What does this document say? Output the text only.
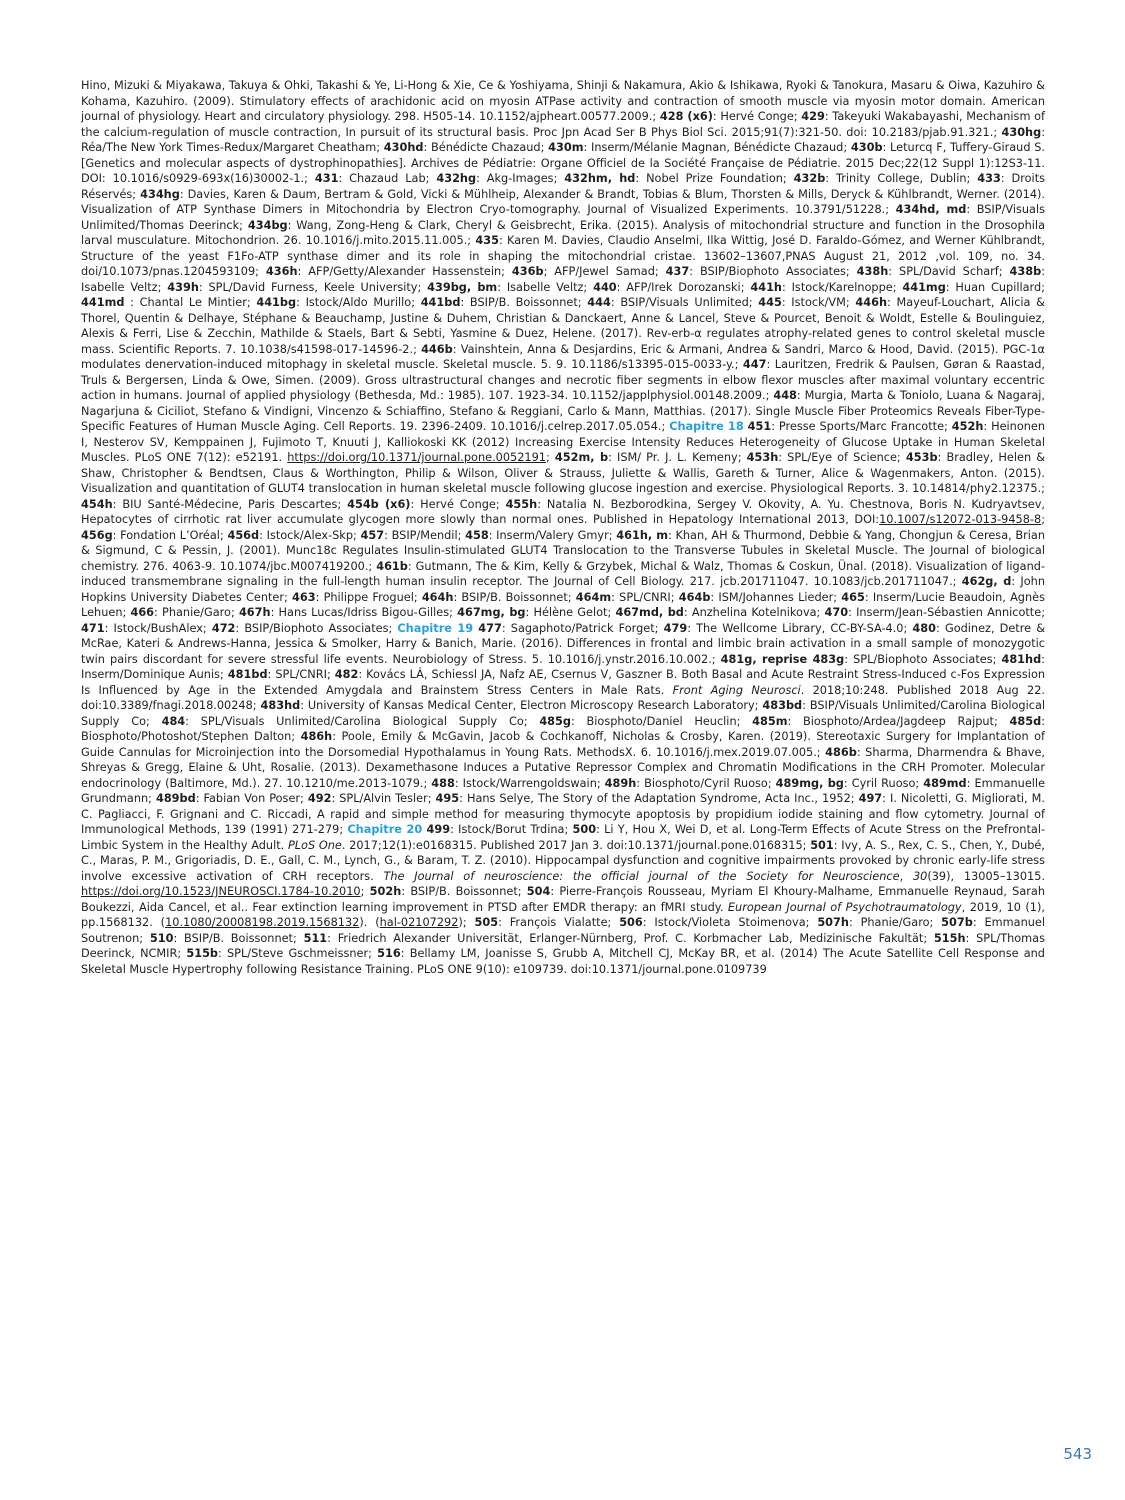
Hino, Mizuki & Miyakawa, Takuya & Ohki, Takashi & Ye, Li-Hong & Xie, Ce & Yoshiyama, Shinji & Nakamura, Akio & Ishikawa, Ryoki & Tanokura, Masaru & Oiwa, Kazuhiro & Kohama, Kazuhiro. (2009). Stimulatory effects of arachidonic acid on myosin ATPase activity and contraction of smooth muscle via myosin motor domain. American journal of physiology. Heart and circulatory physiology. 298. H505-14. 10.1152/ajpheart.00577.2009.; 428 (x6): Hervé Conge; 429: Takeyuki Wakabayashi, Mechanism of the calcium-regulation of muscle contraction, In pursuit of its structural basis. Proc Jpn Acad Ser B Phys Biol Sci. 2015;91(7):321-50. doi: 10.2183/pjab.91.321.; 430hg: Réa/The New York Times-Redux/Margaret Cheatham; 430hd: Bénédicte Chazaud; 430m: Inserm/Mélanie Magnan, Bénédicte Chazaud; 430b: Leturcq F, Tuffery-Giraud S. [Genetics and molecular aspects of dystrophinopathies]. Archives de Pédiatrie: Organe Officiel de la Société Française de Pédiatrie. 2015 Dec;22(12 Suppl 1):12S3-11. DOI: 10.1016/s0929-693x(16)30002-1.; 431: Chazaud Lab; 432hg: Akg-Images; 432hm, hd: Nobel Prize Foundation; 432b: Trinity College, Dublin; 433: Droits Réservés; 434hg: Davies, Karen & Daum, Bertram & Gold, Vicki & Mühlheip, Alexander & Brandt, Tobias & Blum, Thorsten & Mills, Deryck & Kühlbrandt, Werner. (2014). Visualization of ATP Synthase Dimers in Mitochondria by Electron Cryo-tomography. Journal of Visualized Experiments. 10.3791/51228.; 434hd, md: BSIP/Visuals Unlimited/Thomas Deerinck; 434bg: Wang, Zong-Heng & Clark, Cheryl & Geisbrecht, Erika. (2015). Analysis of mitochondrial structure and function in the Drosophila larval musculature. Mitochondrion. 26. 10.1016/j.mito.2015.11.005.; 435: Karen M. Davies, Claudio Anselmi, Ilka Wittig, José D. Faraldo-Gómez, and Werner Kühlbrandt, Structure of the yeast F1Fo-ATP synthase dimer and its role in shaping the mitochondrial cristae. 13602–13607,PNAS August 21, 2012 ,vol. 109, no. 34. doi/10.1073/pnas.1204593109; 436h: AFP/Getty/Alexander Hassenstein; 436b; AFP/Jewel Samad; 437: BSIP/Biophoto Associates; 438h: SPL/David Scharf; 438b: Isabelle Veltz; 439h: SPL/David Furness, Keele University; 439bg, bm: Isabelle Veltz; 440: AFP/Irek Dorozanski; 441h: Istock/Karelnoppe; 441mg: Huan Cupillard; 441md : Chantal Le Mintier; 441bg: Istock/Aldo Murillo; 441bd: BSIP/B. Boissonnet; 444: BSIP/Visuals Unlimited; 445: Istock/VM; 446h: Mayeuf-Louchart, Alicia & Thorel, Quentin & Delhaye, Stéphane & Beauchamp, Justine & Duhem, Christian & Danckaert, Anne & Lancel, Steve & Pourcet, Benoit & Woldt, Estelle & Boulinguiez, Alexis & Ferri, Lise & Zecchin, Mathilde & Staels, Bart & Sebti, Yasmine & Duez, Helene. (2017). Rev-erb-α regulates atrophy-related genes to control skeletal muscle mass. Scientific Reports. 7. 10.1038/s41598-017-14596-2.; 446b: Vainshtein, Anna & Desjardins, Eric & Armani, Andrea & Sandri, Marco & Hood, David. (2015). PGC-1α modulates denervation-induced mitophagy in skeletal muscle. Skeletal muscle. 5. 9. 10.1186/s13395-015-0033-y.; 447: Lauritzen, Fredrik & Paulsen, Gøran & Raastad, Truls & Bergersen, Linda & Owe, Simen. (2009). Gross ultrastructural changes and necrotic fiber segments in elbow flexor muscles after maximal voluntary eccentric action in humans. Journal of applied physiology (Bethesda, Md.: 1985). 107. 1923-34. 10.1152/japplphysiol.00148.2009.; 448: Murgia, Marta & Toniolo, Luana & Nagaraj, Nagarjuna & Ciciliot, Stefano & Vindigni, Vincenzo & Schiaffino, Stefano & Reggiani, Carlo & Mann, Matthias. (2017). Single Muscle Fiber Proteomics Reveals Fiber-Type-Specific Features of Human Muscle Aging. Cell Reports. 19. 2396-2409. 10.1016/j.celrep.2017.05.054.; Chapitre 18 451: Presse Sports/Marc Francotte; 452h: Heinonen I, Nesterov SV, Kemppainen J, Fujimoto T, Knuuti J, Kalliokoski KK (2012) Increasing Exercise Intensity Reduces Heterogeneity of Glucose Uptake in Human Skeletal Muscles. PLoS ONE 7(12): e52191. https://doi.org/10.1371/journal.pone.0052191; 452m, b: ISM/ Pr. J. L. Kemeny; 453h: SPL/Eye of Science; 453b: Bradley, Helen & Shaw, Christopher & Bendtsen, Claus & Worthington, Philip & Wilson, Oliver & Strauss, Juliette & Wallis, Gareth & Turner, Alice & Wagenmakers, Anton. (2015). Visualization and quantitation of GLUT4 translocation in human skeletal muscle following glucose ingestion and exercise. Physiological Reports. 3. 10.14814/phy2.12375.; 454h: BIU Santé-Médecine, Paris Descartes; 454b (x6): Hervé Conge; 455h: Natalia N. Bezborodkina, Sergey V. Okovity, A. Yu. Chestnova, Boris N. Kudryavtsev, Hepatocytes of cirrhotic rat liver accumulate glycogen more slowly than normal ones. Published in Hepatology International 2013, DOI:10.1007/s12072-013-9458-8; 456g: Fondation L’Oréal; 456d: Istock/Alex-Skp; 457: BSIP/Mendil; 458: Inserm/Valery Gmyr; 461h, m: Khan, AH & Thurmond, Debbie & Yang, Chongjun & Ceresa, Brian & Sigmund, C & Pessin, J. (2001). Munc18c Regulates Insulin-stimulated GLUT4 Translocation to the Transverse Tubules in Skeletal Muscle. The Journal of biological chemistry. 276. 4063-9. 10.1074/jbc.M007419200.; 461b: Gutmann, The & Kim, Kelly & Grzybek, Michal & Walz, Thomas & Coskun, Ünal. (2018). Visualization of ligand-induced transmembrane signaling in the full-length human insulin receptor. The Journal of Cell Biology. 217. jcb.201711047. 10.1083/jcb.201711047.; 462g, d: John Hopkins University Diabetes Center; 463: Philippe Froguel; 464h: BSIP/B. Boissonnet; 464m: SPL/CNRI; 464b: ISM/Johannes Lieder; 465: Inserm/Lucie Beaudoin, Agnès Lehuen; 466: Phanie/Garo; 467h: Hans Lucas/Idriss Bigou-Gilles; 467mg, bg: Hélène Gelot; 467md, bd: Anzhelina Kotelnikova; 470: Inserm/Jean-Sébastien Annicotte; 471: Istock/BushAlex; 472: BSIP/Biophoto Associates; Chapitre 19 477: Sagaphoto/Patrick Forget; 479: The Wellcome Library, CC-BY-SA-4.0; 480: Godinez, Detre & McRae, Kateri & Andrews-Hanna, Jessica & Smolker, Harry & Banich, Marie. (2016). Differences in frontal and limbic brain activation in a small sample of monozygotic twin pairs discordant for severe stressful life events. Neurobiology of Stress. 5. 10.1016/j.ynstr.2016.10.002.; 481g, reprise 483g: SPL/Biophoto Associates; 481hd: Inserm/Dominique Aunis; 481bd: SPL/CNRI; 482: Kovács LÁ, Schiessl JA, Nafz AE, Csernus V, Gaszner B. Both Basal and Acute Restraint Stress-Induced c-Fos Expression Is Influenced by Age in the Extended Amygdala and Brainstem Stress Centers in Male Rats. Front Aging Neurosci. 2018;10:248. Published 2018 Aug 22. doi:10.3389/fnagi.2018.00248; 483hd: University of Kansas Medical Center, Electron Microscopy Research Laboratory; 483bd: BSIP/Visuals Unlimited/Carolina Biological Supply Co; 484: SPL/Visuals Unlimited/Carolina Biological Supply Co; 485g: Biosphoto/Daniel Heuclin; 485m: Biosphoto/Ardea/Jagdeep Rajput; 485d: Biosphoto/Photoshot/Stephen Dalton; 486h: Poole, Emily & McGavin, Jacob & Cochkanoff, Nicholas & Crosby, Karen. (2019). Stereotaxic Surgery for Implantation of Guide Cannulas for Microinjection into the Dorsomedial Hypothalamus in Young Rats. MethodsX. 6. 10.1016/j.mex.2019.07.005.; 486b: Sharma, Dharmendra & Bhave, Shreyas & Gregg, Elaine & Uht, Rosalie. (2013). Dexamethasone Induces a Putative Repressor Complex and Chromatin Modifications in the CRH Promoter. Molecular endocrinology (Baltimore, Md.). 27. 10.1210/me.2013-1079.; 488: Istock/Warrengoldswain; 489h: Biosphoto/Cyril Ruoso; 489mg, bg: Cyril Ruoso; 489md: Emmanuelle Grundmann; 489bd: Fabian Von Poser; 492: SPL/Alvin Tesler; 495: Hans Selye, The Story of the Adaptation Syndrome, Acta Inc., 1952; 497: I. Nicoletti, G. Migliorati, M. C. Pagliacci, F. Grignani and C. Riccadi, A rapid and simple method for measuring thymocyte apoptosis by propidium iodide staining and flow cytometry. Journal of Immunological Methods, 139 (1991) 271-279; Chapitre 20 499: Istock/Borut Trdina; 500: Li Y, Hou X, Wei D, et al. Long-Term Effects of Acute Stress on the Prefrontal-Limbic System in the Healthy Adult. PLoS One. 2017;12(1):e0168315. Published 2017 Jan 3. doi:10.1371/journal.pone.0168315; 501: Ivy, A. S., Rex, C. S., Chen, Y., Dubé, C., Maras, P. M., Grigoriadis, D. E., Gall, C. M., Lynch, G., & Baram, T. Z. (2010). Hippocampal dysfunction and cognitive impairments provoked by chronic early-life stress involve excessive activation of CRH receptors. The Journal of neuroscience: the official journal of the Society for Neuroscience, 30(39), 13005–13015. https://doi.org/10.1523/JNEUROSCI.1784-10.2010; 502h: BSIP/B. Boissonnet; 504: Pierre-François Rousseau, Myriam El Khoury-Malhame, Emmanuelle Reynaud, Sarah Boukezzi, Aida Cancel, et al.. Fear extinction learning improvement in PTSD after EMDR therapy: an fMRI study. European Journal of Psychotraumatology, 2019, 10 (1), pp.1568132. (10.1080/20008198.2019.1568132). (hal-02107292); 505: François Vialatte; 506: Istock/Violeta Stoimenova; 507h: Phanie/Garo; 507b: Emmanuel Soutrenon; 510: BSIP/B. Boissonnet; 511: Friedrich Alexander Universität, Erlanger-Nürnberg, Prof. C. Korbmacher Lab, Medizinische Fakultät; 515h: SPL/Thomas Deerinck, NCMIR; 515b: SPL/Steve Gschmeissner; 516: Bellamy LM, Joanisse S, Grubb A, Mitchell CJ, McKay BR, et al. (2014) The Acute Satellite Cell Response and Skeletal Muscle Hypertrophy following Resistance Training. PLoS ONE 9(10): e109739. doi:10.1371/journal.pone.0109739
543
